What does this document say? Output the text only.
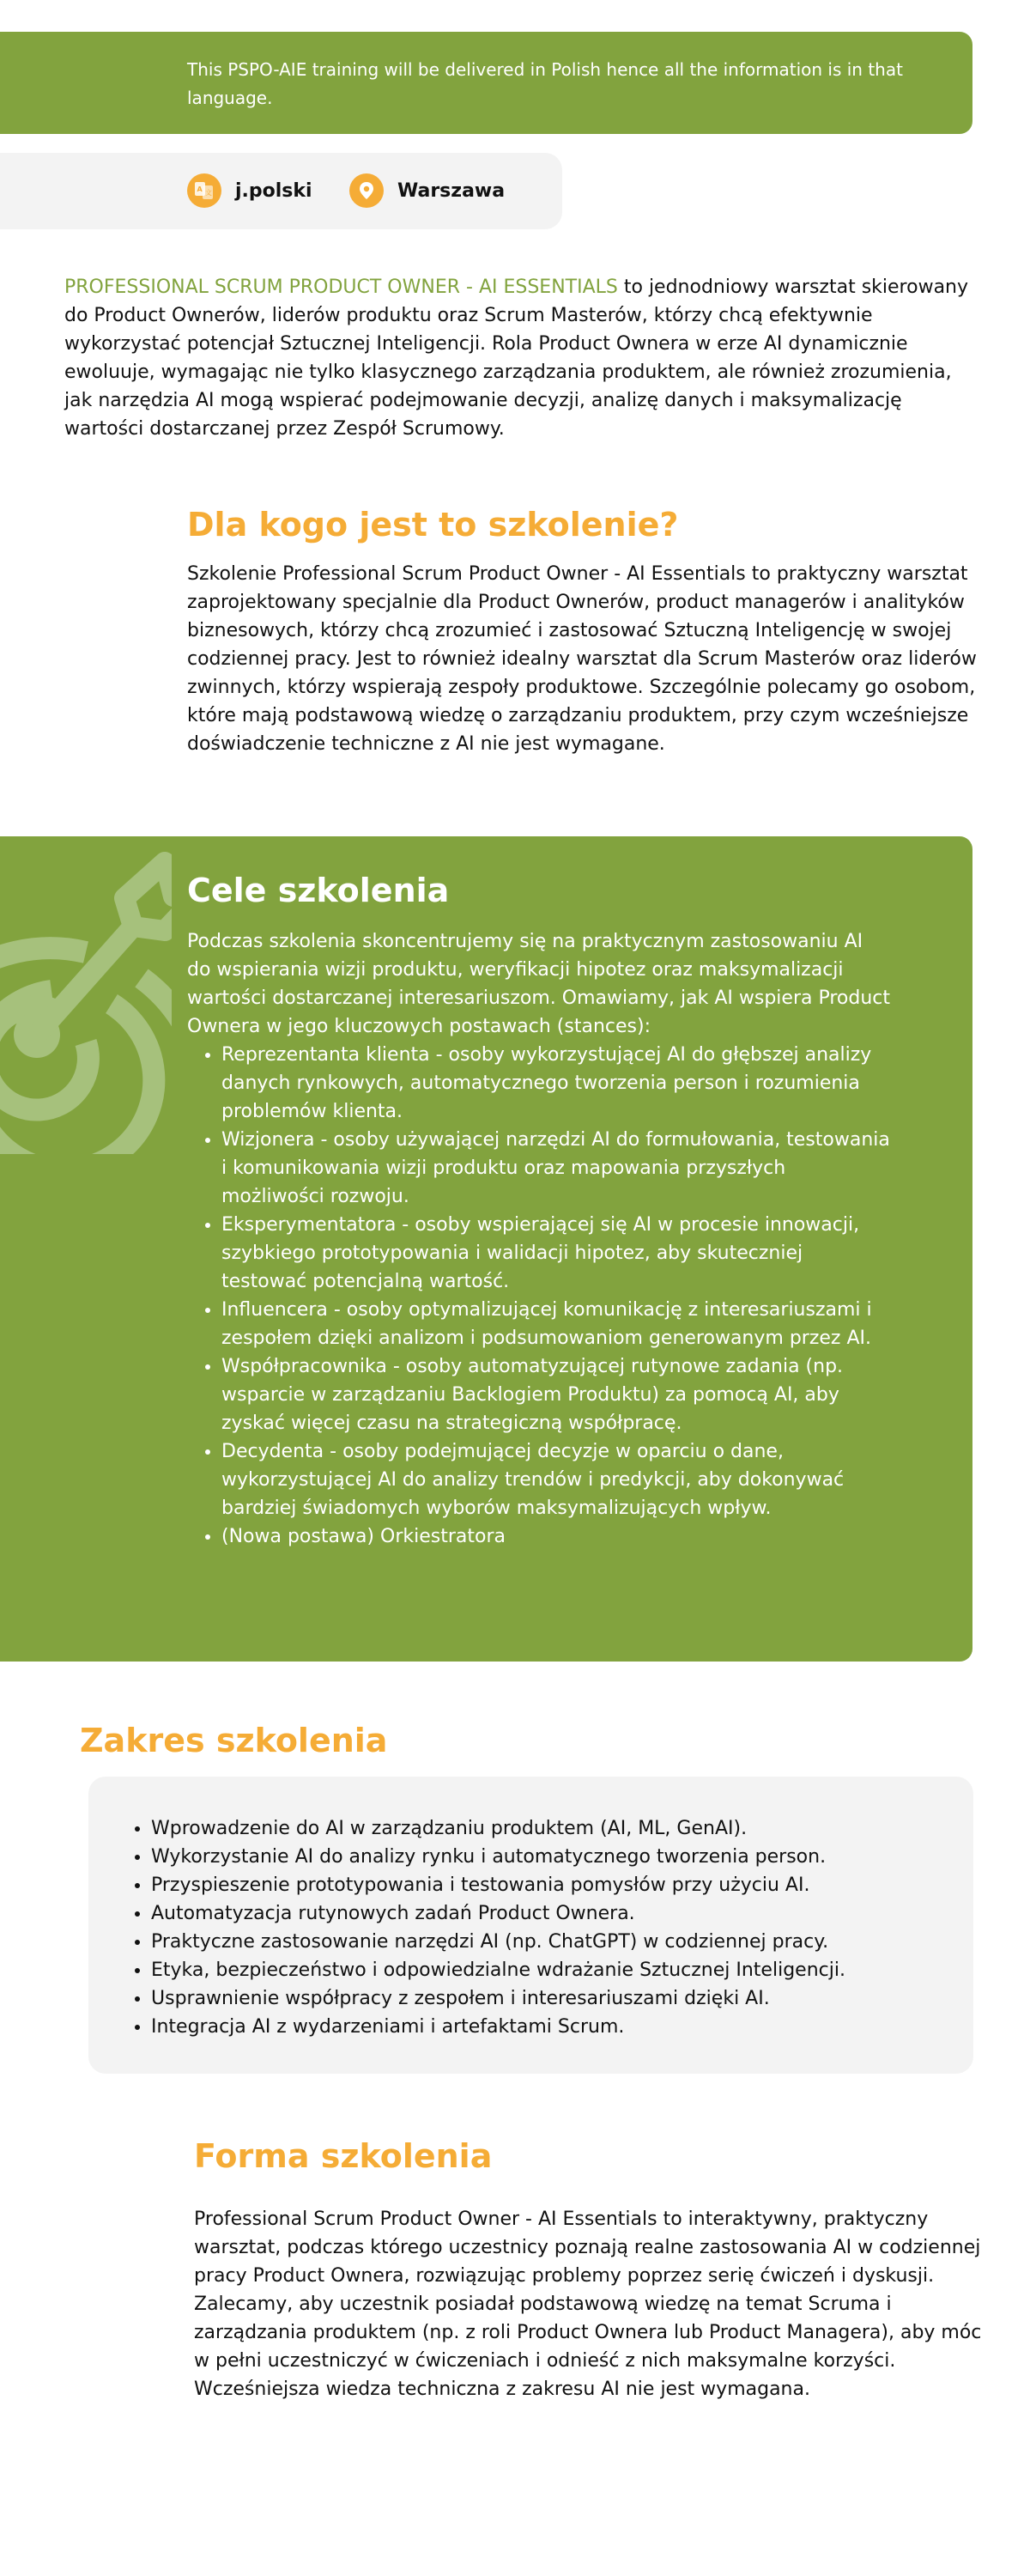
This PSPO-AIE training will be delivered in Polish hence all the information is in that language.
A 文 j.polski	Warszawa
PROFESSIONAL SCRUM PRODUCT OWNER - AI ESSENTIALS to jednodniowy warsztat skierowany do Product Ownerów, liderów produktu oraz Scrum Masterów, którzy chcą efektywnie wykorzystać potencjał Sztucznej Inteligencji. Rola Product Ownera w erze AI dynamicznie ewoluuje, wymagając nie tylko klasycznego zarządzania produktem, ale również zrozumienia, jak narzędzia AI mogą wspierać podejmowanie decyzji, analizę danych i maksymalizację wartości dostarczanej przez Zespół Scrumowy.
Dla kogo jest to szkolenie?

Szkolenie Professional Scrum Product Owner - AI Essentials to praktyczny warsztat zaprojektowany specjalnie dla Product Ownerów, product managerów i analityków biznesowych, którzy chcą zrozumieć i zastosować Sztuczną Inteligencję w swojej codziennej pracy. Jest to również idealny warsztat dla Scrum Masterów oraz liderów zwinnych, którzy wspierają zespoły produktowe. Szczególnie polecamy go osobom, które mają podstawową wiedzę o zarządzaniu produktem, przy czym wcześniejsze doświadczenie techniczne z AI nie jest wymagane.

Cele szkolenia

Podczas szkolenia skoncentrujemy się na praktycznym zastosowaniu AI do wspierania wizji produktu, weryfikacji hipotez oraz maksymalizacji wartości dostarczanej interesariuszom. Omawiamy, jak AI wspiera Product Ownera w jego kluczowych postawach (stances):

• Reprezentanta klienta - osoby wykorzystującej AI do głębszej analizy danych rynkowych, automatycznego tworzenia person i rozumienia problemów klienta.
• Wizjonera - osoby używającej narzędzi AI do formułowania, testowania i komunikowania wizji produktu oraz mapowania przyszłych możliwości rozwoju.
• Eksperymentatora - osoby wspierającej się AI w procesie innowacji, szybkiego prototypowania i walidacji hipotez, aby skuteczniej testować potencjalną wartość.
• Influencera - osoby optymalizującej komunikację z interesariuszami i zespołem dzięki analizom i podsumowaniom generowanym przez AI.
• Współpracownika - osoby automatyzującej rutynowe zadania (np. wsparcie w zarządzaniu Backlogiem Produktu) za pomocą AI, aby zyskać więcej czasu na strategiczną współpracę.
• Decydenta - osoby podejmującej decyzje w oparciu o dane, wykorzystującej AI do analizy trendów i predykcji, aby dokonywać bardziej świadomych wyborów maksymalizujących wpływ.
• (Nowa postawa) Orkiestratora
Zakres szkolenia
• Wprowadzenie do AI w zarządzaniu produktem (AI, ML, GenAI).
• Wykorzystanie AI do analizy rynku i automatycznego tworzenia person.
• Przyspieszenie prototypowania i testowania pomysłów przy użyciu AI.
• Automatyzacja rutynowych zadań Product Ownera.
• Praktyczne zastosowanie narzędzi AI (np. ChatGPT) w codziennej pracy.
• Etyka, bezpieczeństwo i odpowiedzialne wdrażanie Sztucznej Inteligencji.
• Usprawnienie współpracy z zespołem i interesariuszami dzięki AI.
• Integracja AI z wydarzeniami i artefaktami Scrum.
Forma szkolenia

Professional Scrum Product Owner - AI Essentials to interaktywny, praktyczny warsztat, podczas którego uczestnicy poznają realne zastosowania AI w codziennej pracy Product Ownera, rozwiązując problemy poprzez serię ćwiczeń i dyskusji. Zalecamy, aby uczestnik posiadał podstawową wiedzę na temat Scruma i zarządzania produktem (np. z roli Product Ownera lub Product Managera), aby móc w pełni uczestniczyć w ćwiczeniach i odnieść z nich maksymalne korzyści. Wcześniejsza wiedza techniczna z zakresu AI nie jest wymagana.
